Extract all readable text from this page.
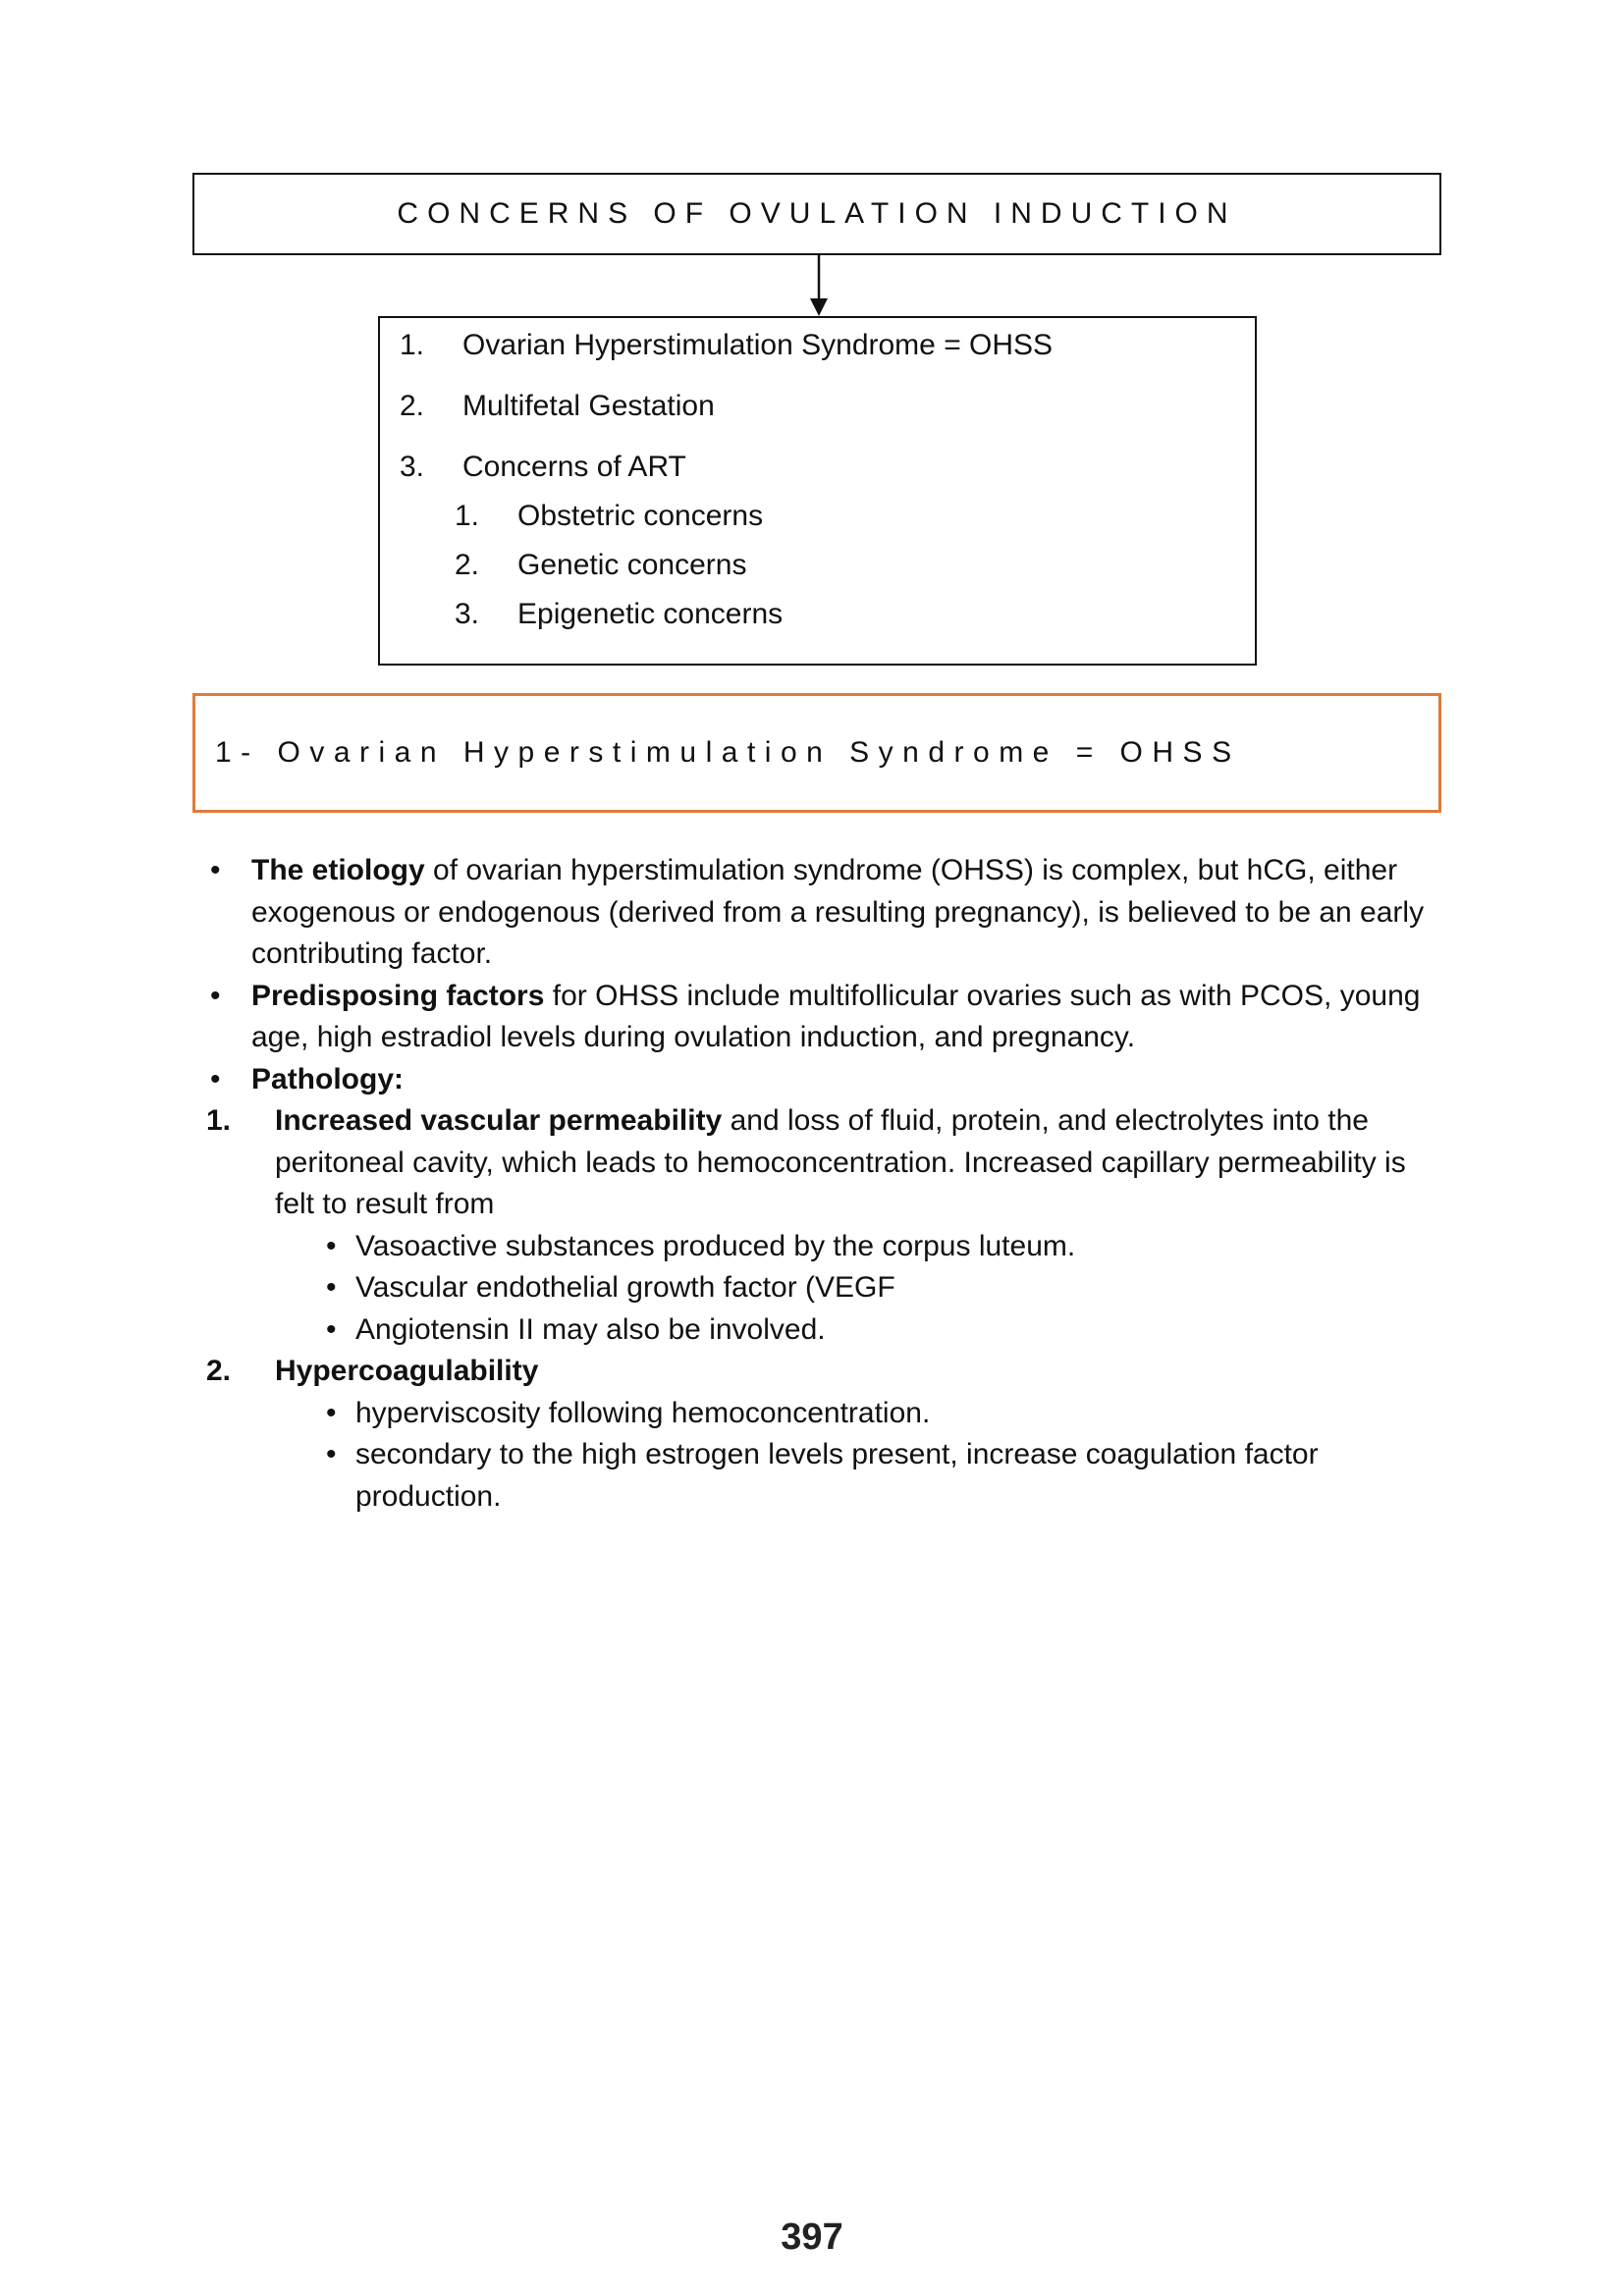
CONCERNS OF OVULATION INDUCTION
1.	Ovarian Hyperstimulation Syndrome = OHSS
2.	Multifetal Gestation
3.	Concerns of ART
1.	Obstetric concerns
2.	Genetic concerns
3.	Epigenetic concerns
1- Ovarian Hyperstimulation Syndrome = OHSS
•	The etiology of ovarian hyperstimulation syndrome (OHSS) is complex, but hCG, either exogenous or endogenous (derived from a resulting pregnancy), is believed to be an early contributing factor.
•	Predisposing factors for OHSS include multifollicular ovaries such as with PCOS, young age, high estradiol levels during ovulation induction, and pregnancy.
•	Pathology:
1.	Increased vascular permeability and loss of fluid, protein, and electrolytes into the peritoneal cavity, which leads to hemoconcentration. Increased capillary permeability is felt to result from
• Vasoactive substances produced by the corpus luteum.
• Vascular endothelial growth factor (VEGF
• Angiotensin II may also be involved.
2.	Hypercoagulability
• hyperviscosity following hemoconcentration.
• secondary to the high estrogen levels present, increase coagulation factor production.
397
